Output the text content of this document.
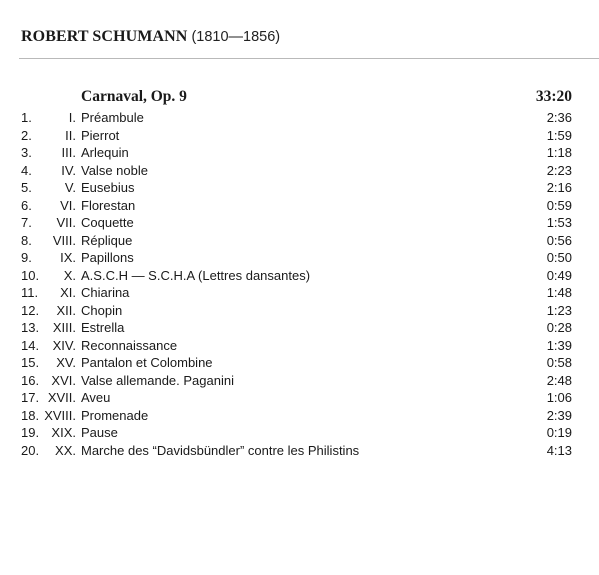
ROBERT SCHUMANN (1810—1856)
Carnaval, Op. 9	33:20
1.	I. Préambule	2:36
2.	II. Pierrot	1:59
3. III. Arlequin	1:18
4. IV. Valse noble	2:23
5.	V. Eusebius	2:16
6. VI. Florestan	0:59
7. VII. Coquette	1:53
8. VIII. Réplique	0:56
9. IX. Papillons	0:50
10. X. A.S.C.H — S.C.H.A (Lettres dansantes)	0:49
11. XI. Chiarina	1:48
12. XII. Chopin	1:23
13. XIII. Estrella	0:28
14. XIV. Reconnaissance	1:39
15. XV. Pantalon et Colombine	0:58
16. XVI. Valse allemande. Paganini	2:48
17. XVII. Aveu	1:06
18. XVIII. Promenade	2:39
19. XIX. Pause	0:19
20. XX. Marche des “Davidsbündler” contre les Philistins	4:13
